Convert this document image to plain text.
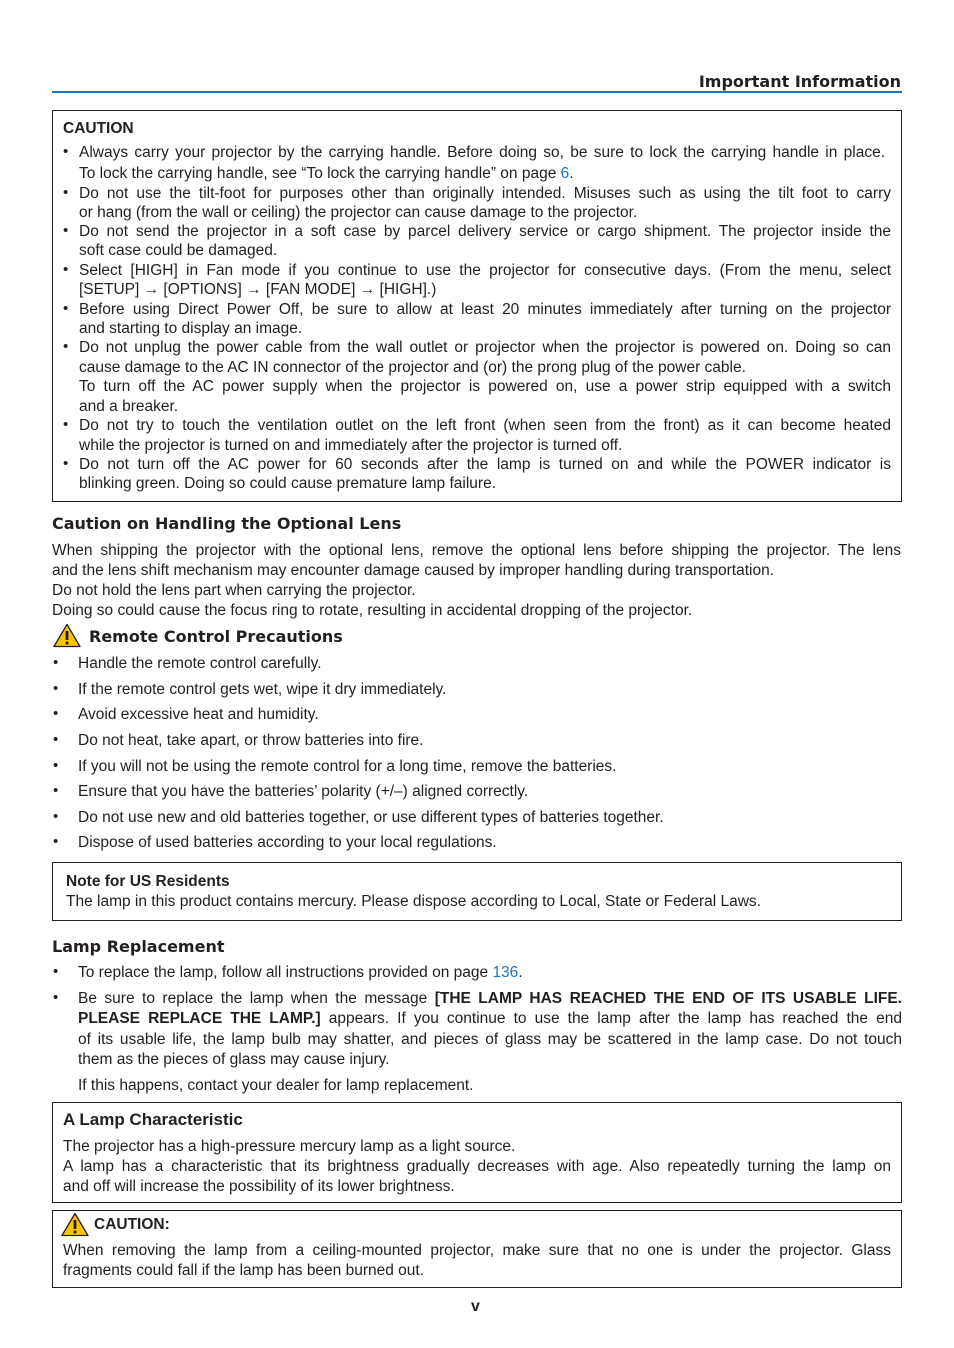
Important Information
CAUTION
• Always carry your projector by the carrying handle. Before doing so, be sure to lock the carrying handle in place.
To lock the carrying handle, see “To lock the carrying handle” on page 6.
• Do not use the tilt-foot for purposes other than originally intended. Misuses such as using the tilt foot to carry
or hang (from the wall or ceiling) the projector can cause damage to the projector.
• Do not send the projector in a soft case by parcel delivery service or cargo shipment. The projector inside the
soft case could be damaged.
• Select [HIGH] in Fan mode if you continue to use the projector for consecutive days. (From the menu, select
[SETUP] → [OPTIONS] → [FAN MODE] → [HIGH].)
• Before using Direct Power Off, be sure to allow at least 20 minutes immediately after turning on the projector
and starting to display an image.
• Do not unplug the power cable from the wall outlet or projector when the projector is powered on. Doing so can
cause damage to the AC IN connector of the projector and (or) the prong plug of the power cable.
To turn off the AC power supply when the projector is powered on, use a power strip equipped with a switch
and a breaker.
• Do not try to touch the ventilation outlet on the left front (when seen from the front) as it can become heated
while the projector is turned on and immediately after the projector is turned off.
• Do not turn off the AC power for 60 seconds after the lamp is turned on and while the POWER indicator is
blinking green. Doing so could cause premature lamp failure.
Caution on Handling the Optional Lens
When shipping the projector with the optional lens, remove the optional lens before shipping the projector. The lens
and the lens shift mechanism may encounter damage caused by improper handling during transportation.
Do not hold the lens part when carrying the projector.
Doing so could cause the focus ring to rotate, resulting in accidental dropping of the projector.
Remote Control Precautions
• Handle the remote control carefully.
• If the remote control gets wet, wipe it dry immediately.
• Avoid excessive heat and humidity.
• Do not heat, take apart, or throw batteries into fire.
• If you will not be using the remote control for a long time, remove the batteries.
• Ensure that you have the batteries’ polarity (+/–) aligned correctly.
• Do not use new and old batteries together, or use different types of batteries together.
• Dispose of used batteries according to your local regulations.
Note for US Residents
The lamp in this product contains mercury. Please dispose according to Local, State or Federal Laws.
Lamp Replacement
• To replace the lamp, follow all instructions provided on page 136.
• Be sure to replace the lamp when the message [THE LAMP HAS REACHED THE END OF ITS USABLE LIFE.
PLEASE REPLACE THE LAMP.] appears. If you continue to use the lamp after the lamp has reached the end
of its usable life, the lamp bulb may shatter, and pieces of glass may be scattered in the lamp case. Do not touch
them as the pieces of glass may cause injury.
If this happens, contact your dealer for lamp replacement.
A Lamp Characteristic
The projector has a high-pressure mercury lamp as a light source.
A lamp has a characteristic that its brightness gradually decreases with age. Also repeatedly turning the lamp on
and off will increase the possibility of its lower brightness.
CAUTION:
When removing the lamp from a ceiling-mounted projector, make sure that no one is under the projector. Glass
fragments could fall if the lamp has been burned out.
v
